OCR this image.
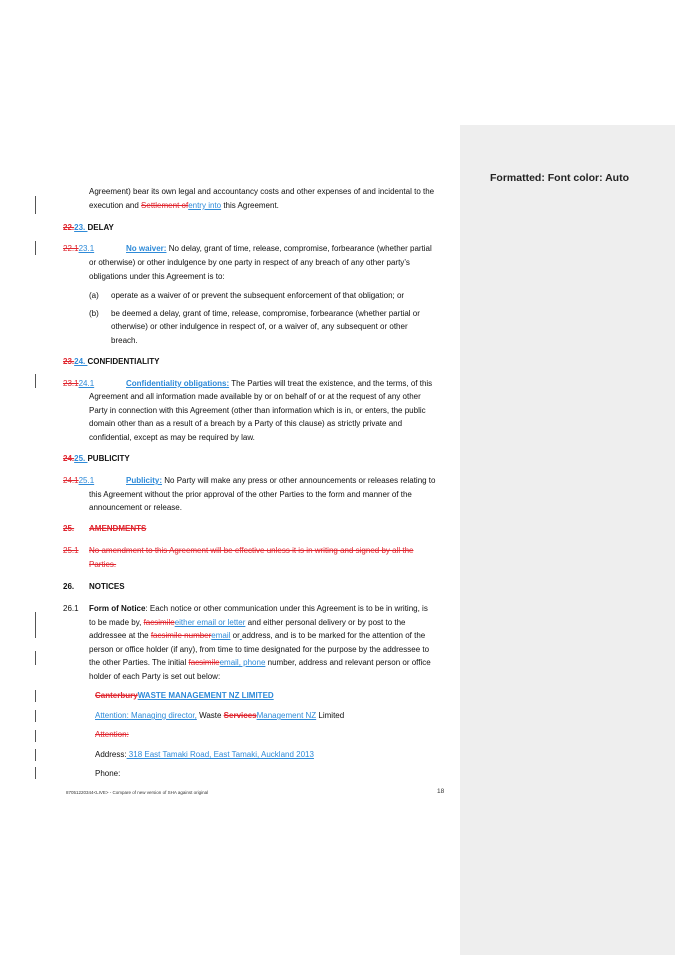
Agreement) bear its own legal and accountancy costs and other expenses of and incidental to the
execution and Settlement ofentry into this Agreement.
22.23. DELAY
22.123.1	No waiver: No delay, grant of time, release, compromise, forbearance (whether partial
or otherwise) or other indulgence by one party in respect of any breach of any other party’s
obligations under this Agreement is to:
(a) operate as a waiver of or prevent the subsequent enforcement of that obligation; or
(b) be deemed a delay, grant of time, release, compromise, forbearance (whether partial or
otherwise) or other indulgence in respect of, or a waiver of, any subsequent or other
breach.
23.24. CONFIDENTIALITY
23.124.1	Confidentiality obligations: The Parties will treat the existence, and the terms, of this
Agreement and all information made available by or on behalf of or at the request of any other
Party in connection with this Agreement (other than information which is in, or enters, the public
domain other than as a result of a breach by a Party of this clause) as strictly private and
confidential, except as may be required by law.
24.25. PUBLICITY
24.125.1	Publicity: No Party will make any press or other announcements or releases relating to
this Agreement without the prior approval of the other Parties to the form and manner of the
announcement or release.
25. AMENDMENTS
25.1 No amendment to this Agreement will be effective unless it is in writing and signed by all the
Parties.
26. NOTICES
26.1 Form of Notice: Each notice or other communication under this Agreement is to be in writing, is
to be made by, facsimileeither email or letter and either personal delivery or by post to the
addressee at the facsimile numberemail or address, and is to be marked for the attention of the
person or office holder (if any), from time to time designated for the purpose by the addressee to
the other Parties. The initial facsimileemail, phone number, address and relevant person or office
holder of each Party is set out below:
CanterburyWASTE MANAGEMENT NZ LIMITED
Attention: Managing director, Waste ServicesManagement NZ Limited
Attention:
Address: 318 East Tamaki Road, East Tamaki, Auckland 2013
Phone:
87051220344<LIVE> - Compare of new version of SHA against original	18
Formatted: Font color: Auto
